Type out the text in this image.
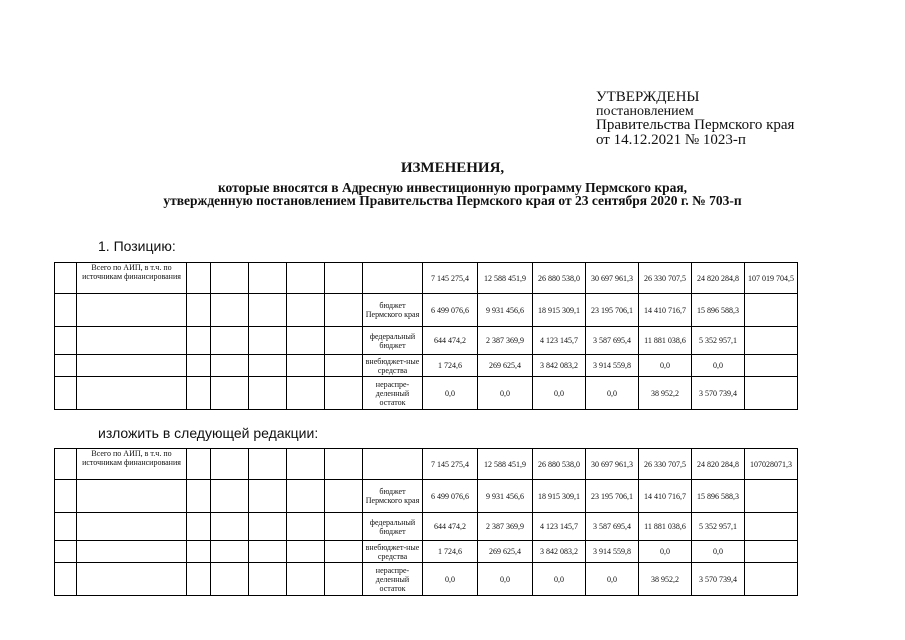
УТВЕРЖДЕНЫ
постановлением
Правительства Пермского края
от 14.12.2021 № 1023-п
ИЗМЕНЕНИЯ,
которые вносятся в Адресную инвестиционную программу Пермского края,
утвержденную постановлением Правительства Пермского края от 23 сентября 2020 г. № 703-п
1. Позицию:
	Всего по АИП, в т.ч. по источникам финансирования							7 145 275,4	12 588 451,9	26 880 538,0	30 697 961,3	26 330 707,5	24 820 284,8	107 019 704,5
							бюджет Пермского края	6 499 076,6	9 931 456,6	18 915 309,1	23 195 706,1	14 410 716,7	15 896 588,3	
							федеральный бюджет	644 474,2	2 387 369,9	4 123 145,7	3 587 695,4	11 881 038,6	5 352 957,1	
							внебюджет-ные средства	1 724,6	269 625,4	3 842 083,2	3 914 559,8	0,0	0,0	
							нераспре-деленный остаток	0,0	0,0	0,0	0,0	38 952,2	3 570 739,4	
изложить в следующей редакции:
	Всего по АИП, в т.ч. по источникам финансирования							7 145 275,4	12 588 451,9	26 880 538,0	30 697 961,3	26 330 707,5	24 820 284,8	107028071,3
							бюджет Пермского края	6 499 076,6	9 931 456,6	18 915 309,1	23 195 706,1	14 410 716,7	15 896 588,3	
							федеральный бюджет	644 474,2	2 387 369,9	4 123 145,7	3 587 695,4	11 881 038,6	5 352 957,1	
							внебюджет-ные средства	1 724,6	269 625,4	3 842 083,2	3 914 559,8	0,0	0,0	
							нераспре-деленный остаток	0,0	0,0	0,0	0,0	38 952,2	3 570 739,4	
